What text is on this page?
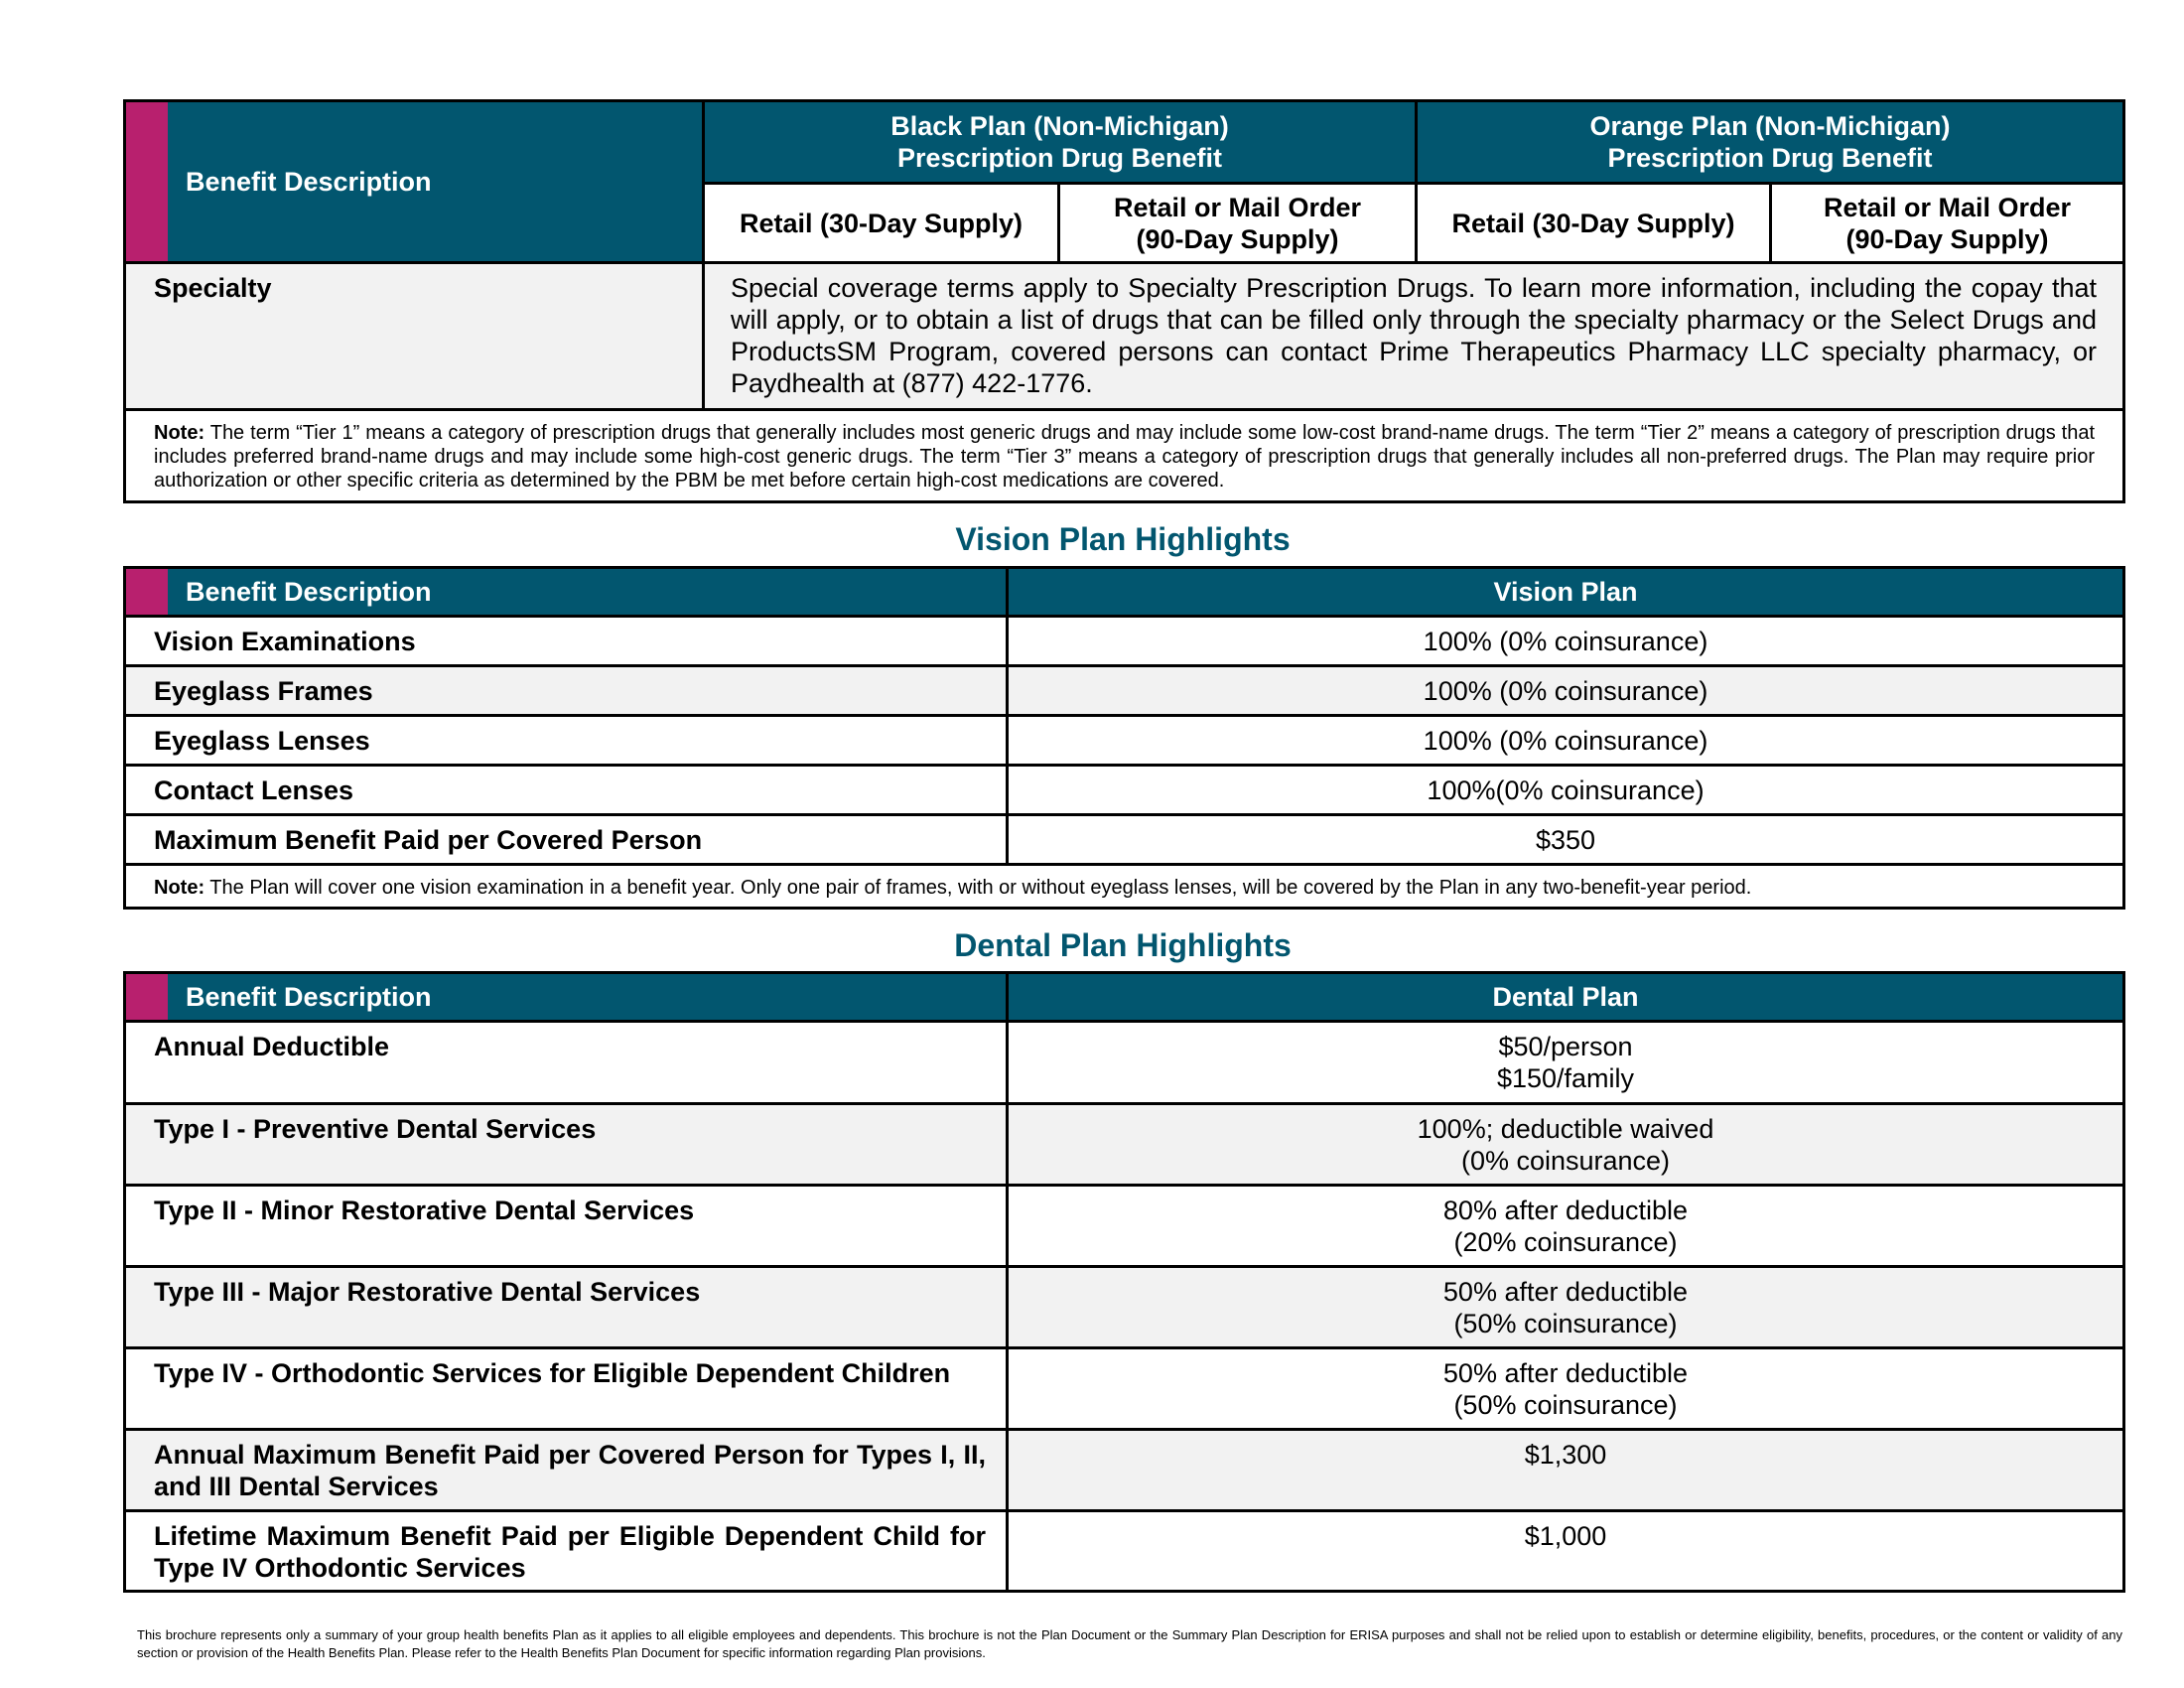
Benefit Description	
Black Plan (Non-Michigan)
Prescription Drug Benefit

Orange Plan (Non-Michigan)
Prescription Drug Benefit

Retail (30-Day Supply)

Retail or Mail Order
(90-Day Supply)

Retail (30-Day Supply)

Retail or Mail Order
(90-Day Supply)

Specialty	Special coverage terms apply to Specialty Prescription Drugs. To learn more information, including the copay that will apply, or to obtain a list of drugs that can be filled only through the specialty pharmacy or the Select Drugs and ProductsSM Program, covered persons can contact Prime Therapeutics Pharmacy LLC specialty pharmacy, or Paydhealth at (877) 422-1776.			
Note: The term “Tier 1” means a category of prescription drugs that generally includes most generic drugs and may include some low-cost brand-name drugs. The term “Tier 2” means a category of prescription drugs that includes preferred brand-name drugs and may include some high-cost generic drugs. The term “Tier 3” means a category of prescription drugs that generally includes all non-preferred drugs. The Plan may require prior authorization or other specific criteria as determined by the PBM be met before certain high-cost medications are covered.				
Vision Plan Highlights
Benefit Description	Vision Plan
Vision Examinations	100% (0% coinsurance)
Eyeglass Frames	100% (0% coinsurance)
Eyeglass Lenses	100% (0% coinsurance)
Contact Lenses	100%(0% coinsurance)
Maximum Benefit Paid per Covered Person	$350
Note: The Plan will cover one vision examination in a benefit year. Only one pair of frames, with or without eyeglass lenses, will be covered by the Plan in any two-benefit-year period.	
Dental Plan Highlights
Benefit Description	Dental Plan
Annual Deductible	$50/person
$150/family

Type I - Preventive Dental Services	100%; deductible waived
(0% coinsurance)

Type II - Minor Restorative Dental Services	80% after deductible
(20% coinsurance)

Type III - Major Restorative Dental Services	50% after deductible
(50% coinsurance)

Type IV - Orthodontic Services for Eligible Dependent Children	50% after deductible
(50% coinsurance)

Annual Maximum Benefit Paid per Covered Person for Types I, II, and III Dental Services	$1,300

Lifetime Maximum Benefit Paid per Eligible Dependent Child for Type IV Orthodontic Services	$1,000
This brochure represents only a summary of your group health benefits Plan as it applies to all eligible employees and dependents. This brochure is not the Plan Document or the Summary Plan Description for ERISA purposes and shall not be relied upon to establish or determine eligibility, benefits, procedures, or the content or validity of any section or provision of the Health Benefits Plan. Please refer to the Health Benefits Plan Document for specific information regarding Plan provisions.
